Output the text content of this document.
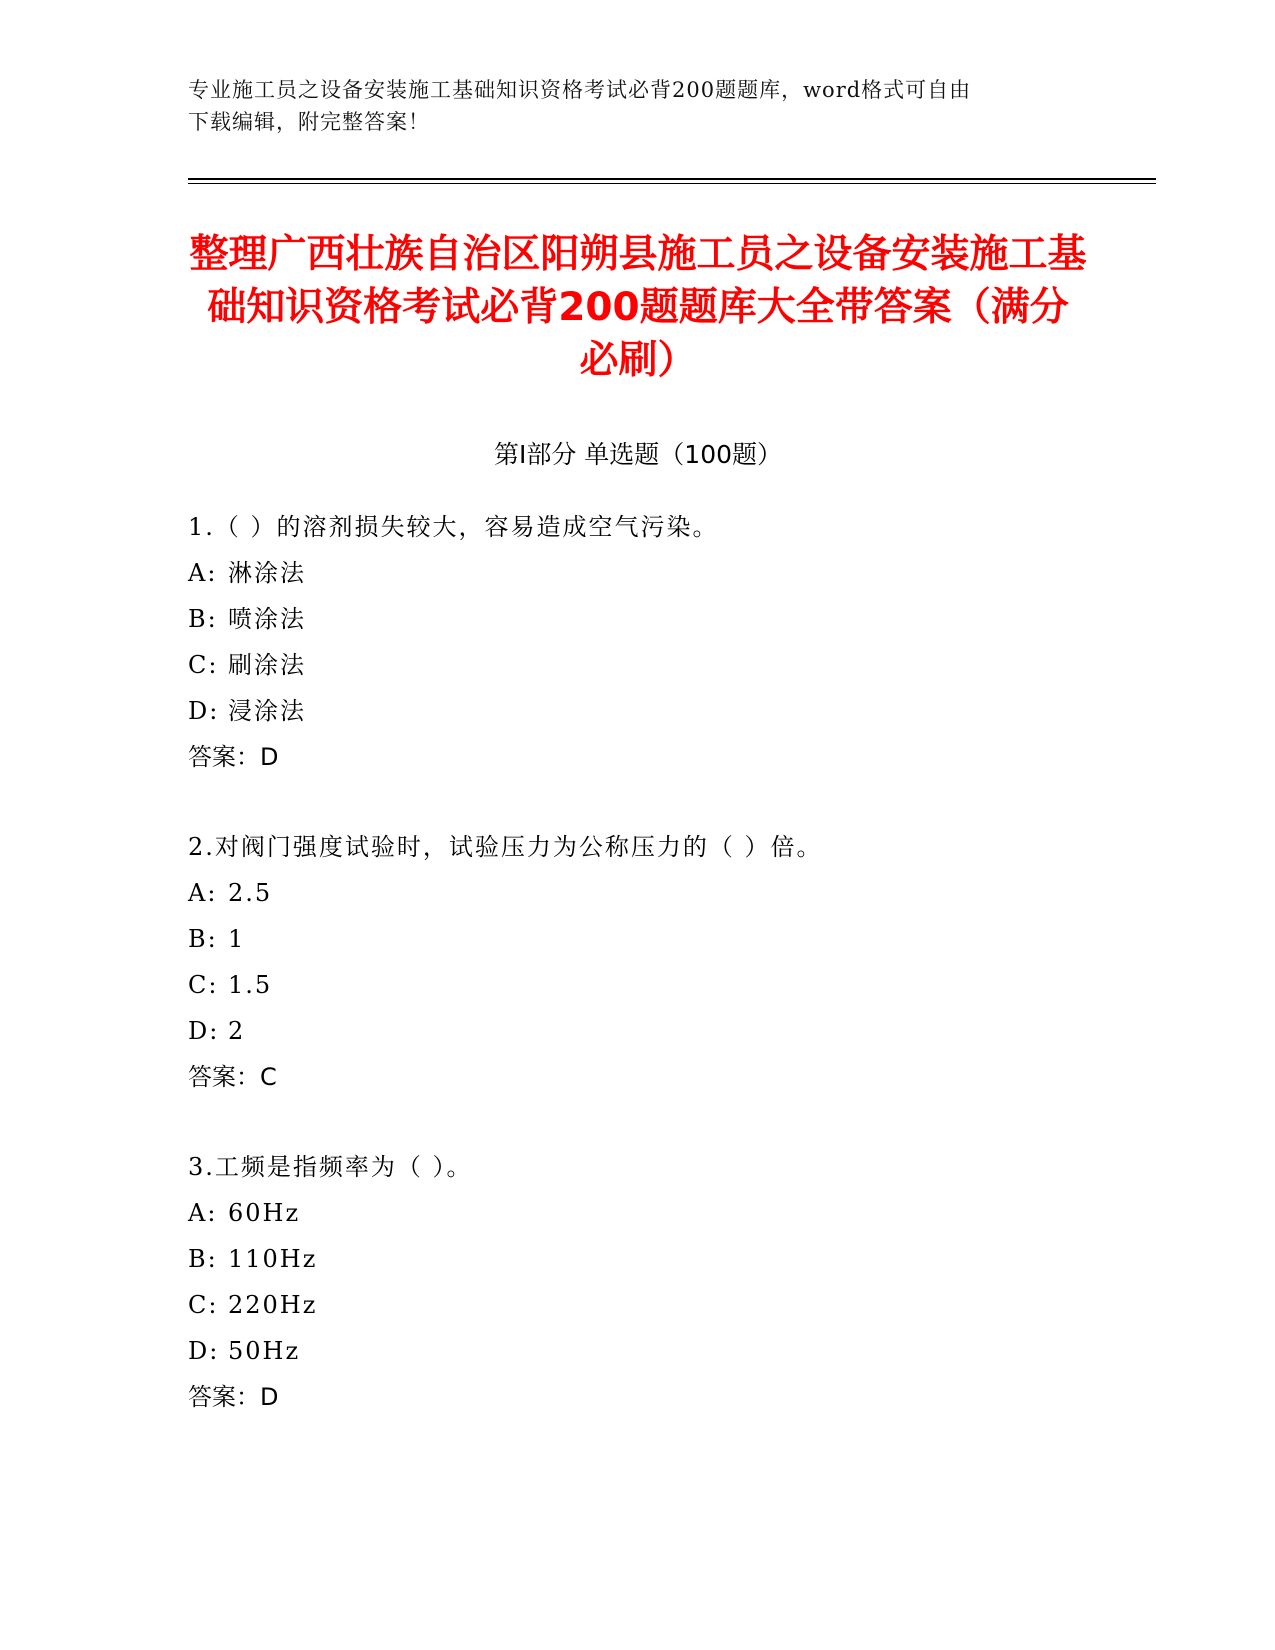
专业施工员之设备安装施工基础知识资格考试必背200题题库，word格式可自由
下载编辑，附完整答案！
整理广西壮族自治区阳朔县施工员之设备安装施工基础知识资格考试必背200题题库大全带答案（满分必刷）
第Ⅰ部分 单选题（100题）
1.（ ）的溶剂损失较大，容易造成空气污染。
A: 淋涂法
B: 喷涂法
C: 刷涂法
D: 浸涂法
答案：D
2.对阀门强度试验时，试验压力为公称压力的（ ）倍。
A: 2.5
B: 1
C: 1.5
D: 2
答案：C
3.工频是指频率为（ ）。
A: 60Hz
B: 110Hz
C: 220Hz
D: 50Hz
答案：D
